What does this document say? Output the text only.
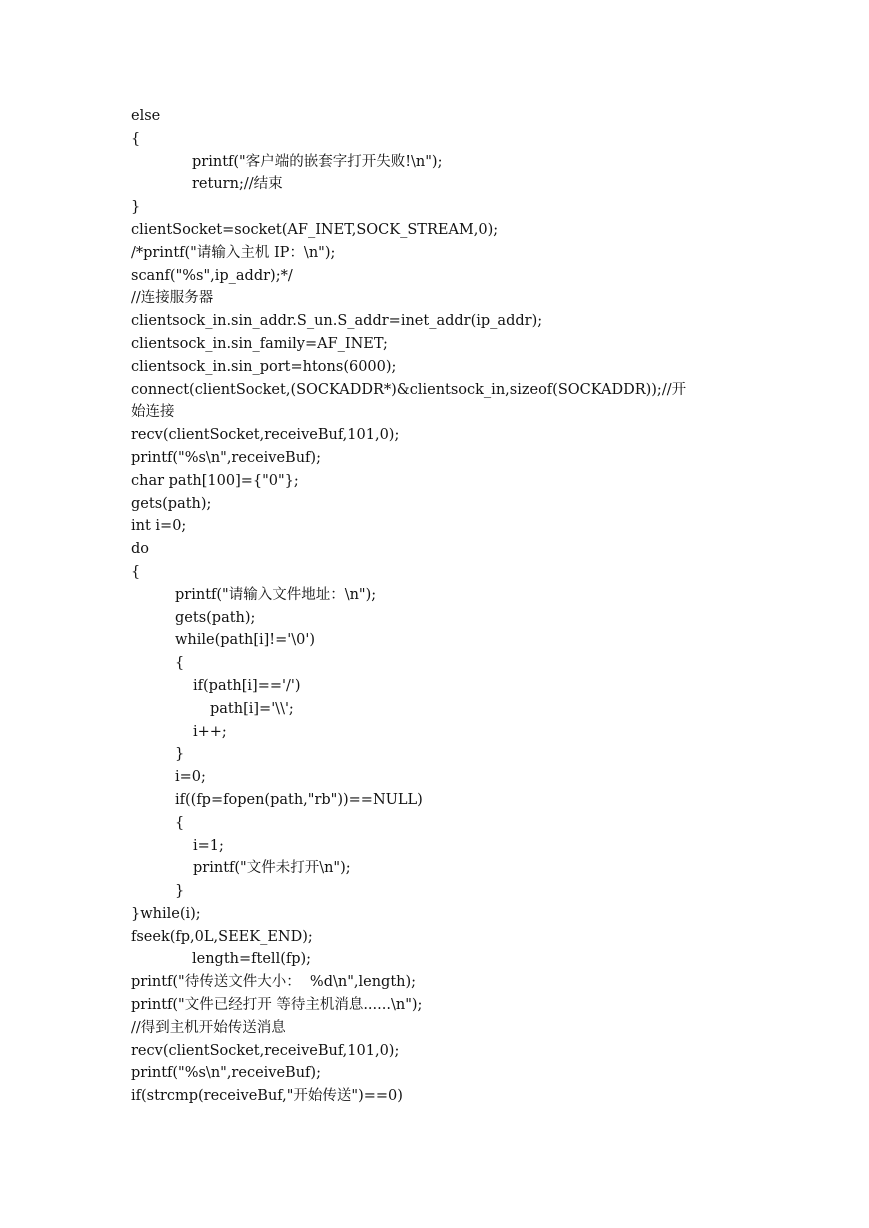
else
{
printf("客户端的嵌套字打开失败!\n");
return;//结束
}
clientSocket=socket(AF_INET,SOCK_STREAM,0);
/*printf("请输入主机 IP：\n");
scanf("%s",ip_addr);*/
//连接服务器
clientsock_in.sin_addr.S_un.S_addr=inet_addr(ip_addr);
clientsock_in.sin_family=AF_INET;
clientsock_in.sin_port=htons(6000);
connect(clientSocket,(SOCKADDR*)&clientsock_in,sizeof(SOCKADDR));//开
始连接
recv(clientSocket,receiveBuf,101,0);
printf("%s\n",receiveBuf);
char path[100]={"0"};
gets(path);
int i=0;
do
{
printf("请输入文件地址：\n");
gets(path);
while(path[i]!='\0')
{
if(path[i]=='/')
path[i]='\\';
i++;
}
i=0;
if((fp=fopen(path,"rb"))==NULL)
{
i=1;
printf("文件未打开\n");
}
}while(i);
fseek(fp,0L,SEEK_END);
length=ftell(fp);
printf("待传送文件大小：  %d\n",length);
printf("文件已经打开 等待主机消息......\n");
//得到主机开始传送消息
recv(clientSocket,receiveBuf,101,0);
printf("%s\n",receiveBuf);
if(strcmp(receiveBuf,"开始传送")==0)
